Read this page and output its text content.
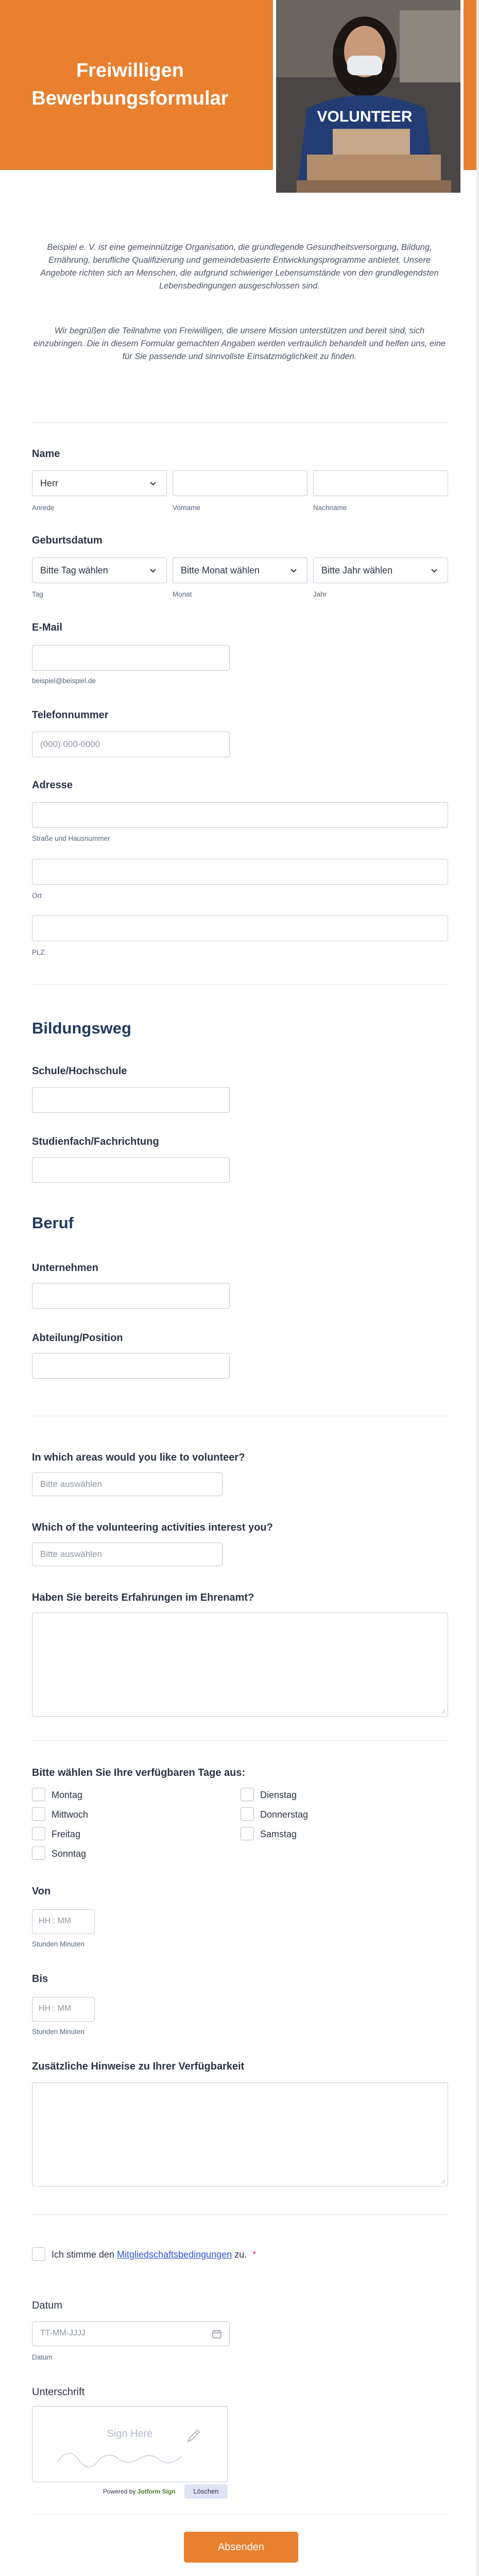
Freiwilligen
Bewerbungsformular
VOLUNTEER
Beispiel e. V. ist eine gemeinnützige Organisation, die grundlegende Gesundheitsversorgung, Bildung, Ernährung, berufliche Qualifizierung und gemeindebasierte Entwicklungsprogramme anbietet. Unsere Angebote richten sich an Menschen, die aufgrund schwieriger Lebensumstände von den grundlegendsten Lebensbedingungen ausgeschlossen sind.
Wir begrüßen die Teilnahme von Freiwilligen, die unsere Mission unterstützen und bereit sind, sich einzubringen. Die in diesem Formular gemachten Angaben werden vertraulich behandelt und helfen uns, eine für Sie passende und sinnvollste Einsatzmöglichkeit zu finden.
Name
Herr
Anrede	Vorname	Nachname
Geburtsdatum
Bitte Tag wählen
Tag
Bitte Monat wählen
Monat
Bitte Jahr wählen
Jahr
E-Mail
beispiel@beispiel.de
Telefonnummer
(000) 000-0000
Adresse
Straße und Hausnummer
Ort
PLZ
Bildungsweg
Schule/Hochschule
Studienfach/Fachrichtung
Beruf
Unternehmen
Abteilung/Position
In which areas would you like to volunteer?
Bitte auswählen
Which of the volunteering activities interest you?
Bitte auswählen
Haben Sie bereits Erfahrungen im Ehrenamt?
Bitte wählen Sie Ihre verfügbaren Tage aus:
Montag	Dienstag
Mittwoch	Donnerstag
Freitag	Samstag
Sonntag
Von
HH : MM
Stunden Minuten
Bis
HH : MM
Stunden Minuten
Zusätzliche Hinweise zu Ihrer Verfügbarkeit
Ich stimme den Mitgliedschaftsbedingungen zu. *
Datum
TT-MM-JJJJ
Datum
Unterschrift
Sign Here
Powered by Jotform Sign	Löschen
Absenden
